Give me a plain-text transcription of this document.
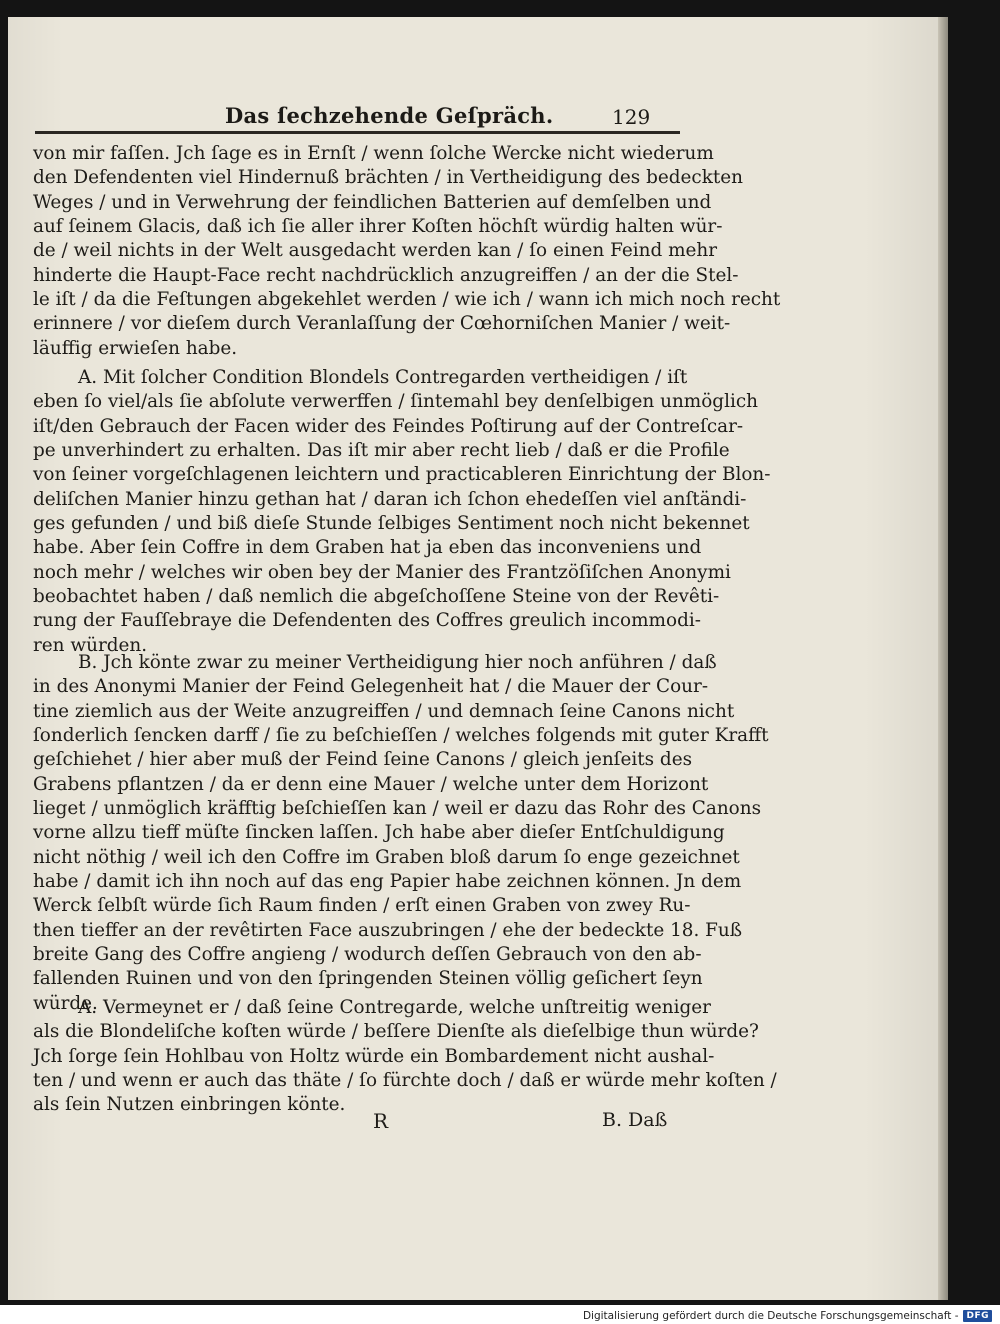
Das ſechzehende Geſpräch.	129
von mir faſſen. Jch ſage es in Ernſt / wenn ſolche Wercke nicht wiederum
den Defendenten viel Hindernuß brächten / in Vertheidigung des bedeckten
Weges / und in Verwehrung der feindlichen Batterien auf demſelben und
auf ſeinem Glacis, daß ich ſie aller ihrer Koſten höchſt würdig halten wür-
de / weil nichts in der Welt ausgedacht werden kan / ſo einen Feind mehr
hinderte die Haupt-Face recht nachdrücklich anzugreiffen / an der die Stel-
le iſt / da die Feſtungen abgekehlet werden / wie ich / wann ich mich noch recht
erinnere / vor dieſem durch Veranlaſſung der Cœhorniſchen Manier / weit-
läuffig erwieſen habe.
A. Mit ſolcher Condition Blondels Contregarden vertheidigen / iſt
eben ſo viel/als ſie abſolute verwerffen / ſintemahl bey denſelbigen unmöglich
iſt/den Gebrauch der Facen wider des Feindes Poſtirung auf der Contreſcar-
pe unverhindert zu erhalten. Das iſt mir aber recht lieb / daß er die Profile
von ſeiner vorgeſchlagenen leichtern und practicableren Einrichtung der Blon-
deliſchen Manier hinzu gethan hat / daran ich ſchon ehedeſſen viel anſtändi-
ges gefunden / und biß dieſe Stunde ſelbiges Sentiment noch nicht bekennet
habe. Aber ſein Coffre in dem Graben hat ja eben das inconveniens und
noch mehr / welches wir oben bey der Manier des Frantzöſiſchen Anonymi
beobachtet haben / daß nemlich die abgeſchoſſene Steine von der Revêti-
rung der Fauſſebraye die Defendenten des Coffres greulich incommodi-
ren würden.
B. Jch könte zwar zu meiner Vertheidigung hier noch anführen / daß
in des Anonymi Manier der Feind Gelegenheit hat / die Mauer der Cour-
tine ziemlich aus der Weite anzugreiffen / und demnach ſeine Canons nicht
ſonderlich ſencken darff / ſie zu beſchieſſen / welches folgends mit guter Krafft
geſchiehet / hier aber muß der Feind ſeine Canons / gleich jenſeits des
Grabens pflantzen / da er denn eine Mauer / welche unter dem Horizont
lieget / unmöglich kräfftig beſchieſſen kan / weil er dazu das Rohr des Canons
vorne allzu tieff müſte ſincken laſſen. Jch habe aber dieſer Entſchuldigung
nicht nöthig / weil ich den Coffre im Graben bloß darum ſo enge gezeichnet
habe / damit ich ihn noch auf das eng Papier habe zeichnen können. Jn dem
Werck ſelbſt würde ſich Raum finden / erſt einen Graben von zwey Ru-
then tieffer an der revêtirten Face auszubringen / ehe der bedeckte 18. Fuß
breite Gang des Coffre angieng / wodurch deſſen Gebrauch von den ab-
fallenden Ruinen und von den ſpringenden Steinen völlig geſichert ſeyn
würde.
A. Vermeynet er / daß ſeine Contregarde, welche unſtreitig weniger
als die Blondeliſche koſten würde / beſſere Dienſte als dieſelbige thun würde?
Jch ſorge ſein Hohlbau von Holtz würde ein Bombardement nicht aushal-
ten / und wenn er auch das thäte / ſo fürchte doch / daß er würde mehr koſten /
als ſein Nutzen einbringen könte.
R	B. Daß
Digitalisierung gefördert durch die Deutsche Forschungsgemeinschaft - DFG
